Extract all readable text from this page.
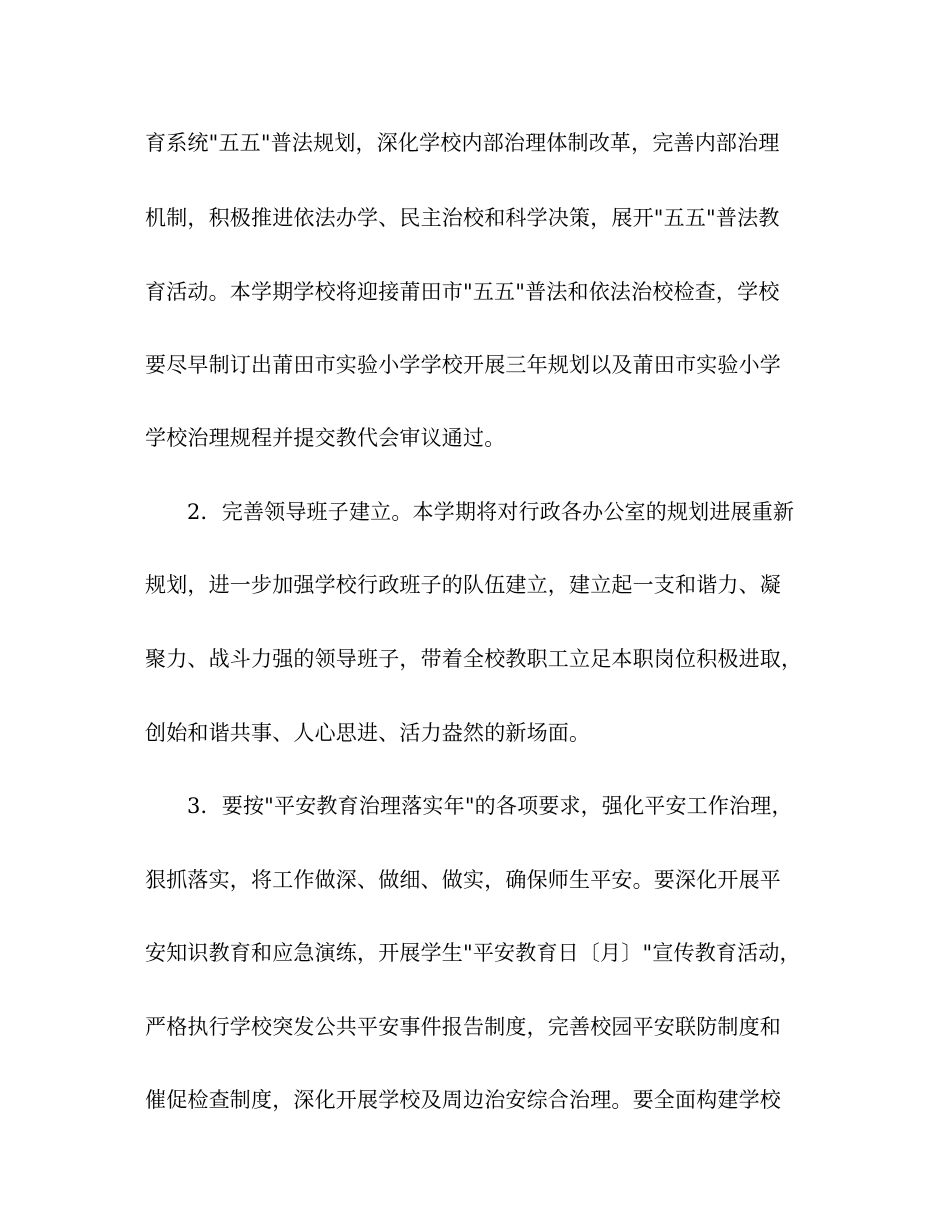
育系统"五五"普法规划，深化学校内部治理体制改革，完善内部治理
机制，积极推进依法办学、民主治校和科学决策，展开"五五"普法教
育活动。本学期学校将迎接莆田市"五五"普法和依法治校检查，学校
要尽早制订出莆田市实验小学学校开展三年规划以及莆田市实验小学
学校治理规程并提交教代会审议通过。
2．完善领导班子建立。本学期将对行政各办公室的规划进展重新
规划，进一步加强学校行政班子的队伍建立，建立起一支和谐力、凝
聚力、战斗力强的领导班子，带着全校教职工立足本职岗位积极进取，
创始和谐共事、人心思进、活力盎然的新场面。
3．要按"平安教育治理落实年"的各项要求，强化平安工作治理，
狠抓落实，将工作做深、做细、做实，确保师生平安。要深化开展平
安知识教育和应急演练，开展学生"平安教育日〔月〕"宣传教育活动，
严格执行学校突发公共平安事件报告制度，完善校园平安联防制度和
催促检查制度，深化开展学校及周边治安综合治理。要全面构建学校
